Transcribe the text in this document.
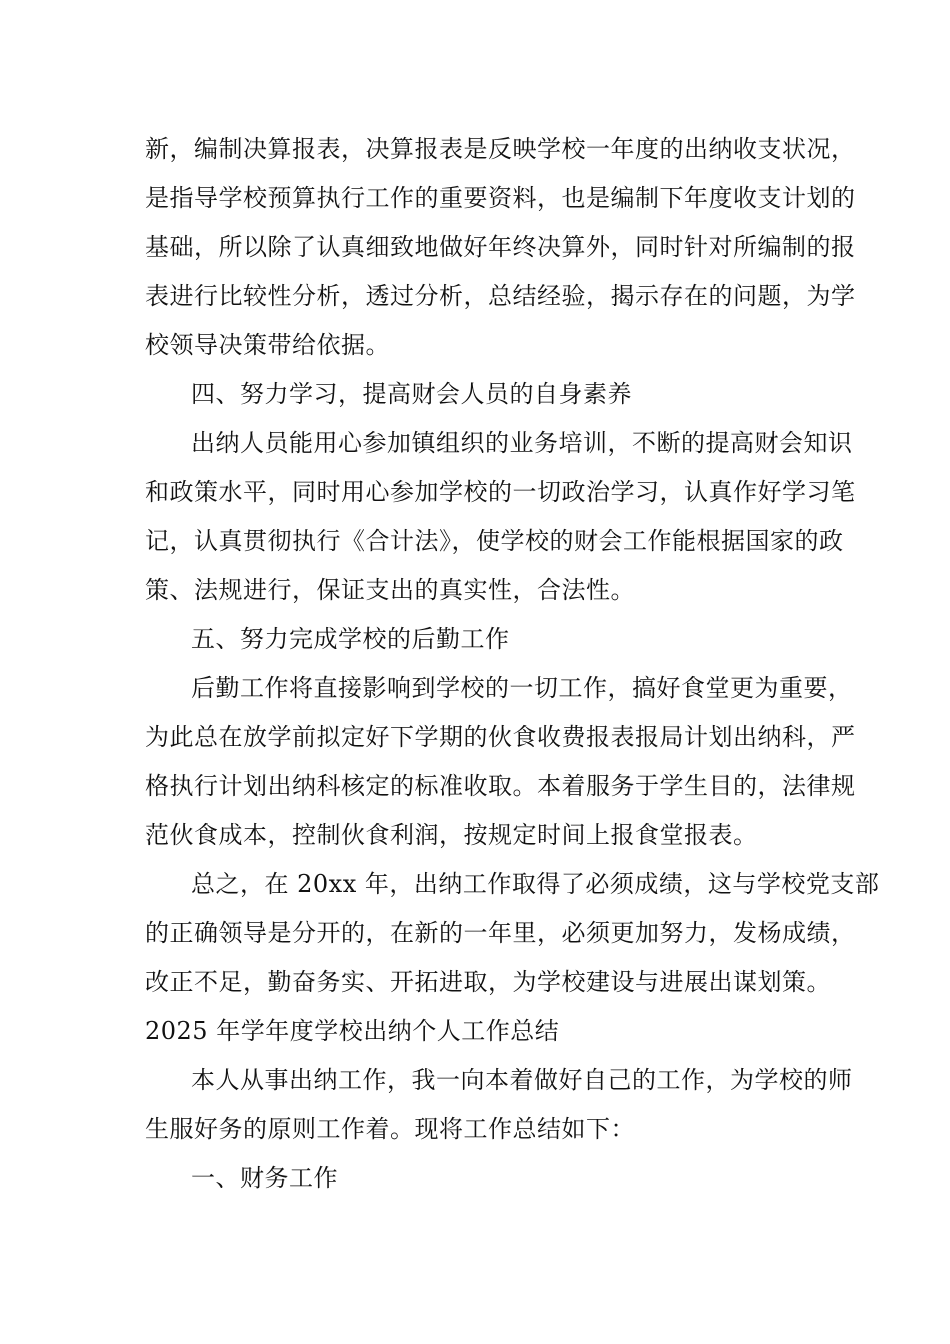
新，编制决算报表，决算报表是反映学校一年度的出纳收支状况，
是指导学校预算执行工作的重要资料，也是编制下年度收支计划的
基础，所以除了认真细致地做好年终决算外，同时针对所编制的报
表进行比较性分析，透过分析，总结经验，揭示存在的问题，为学
校领导决策带给依据。
四、努力学习，提高财会人员的自身素养
出纳人员能用心参加镇组织的业务培训，不断的提高财会知识
和政策水平，同时用心参加学校的一切政治学习，认真作好学习笔
记，认真贯彻执行《合计法》，使学校的财会工作能根据国家的政
策、法规进行，保证支出的真实性，合法性。
五、努力完成学校的后勤工作
后勤工作将直接影响到学校的一切工作，搞好食堂更为重要，
为此总在放学前拟定好下学期的伙食收费报表报局计划出纳科，严
格执行计划出纳科核定的标准收取。本着服务于学生目的，法律规
范伙食成本，控制伙食利润，按规定时间上报食堂报表。
总之，在 20xx 年，出纳工作取得了必须成绩，这与学校党支部
的正确领导是分开的，在新的一年里，必须更加努力，发杨成绩，
改正不足，勤奋务实、开拓进取，为学校建设与进展出谋划策。
2025 年学年度学校出纳个人工作总结
本人从事出纳工作，我一向本着做好自己的工作，为学校的师
生服好务的原则工作着。现将工作总结如下：
一、财务工作
